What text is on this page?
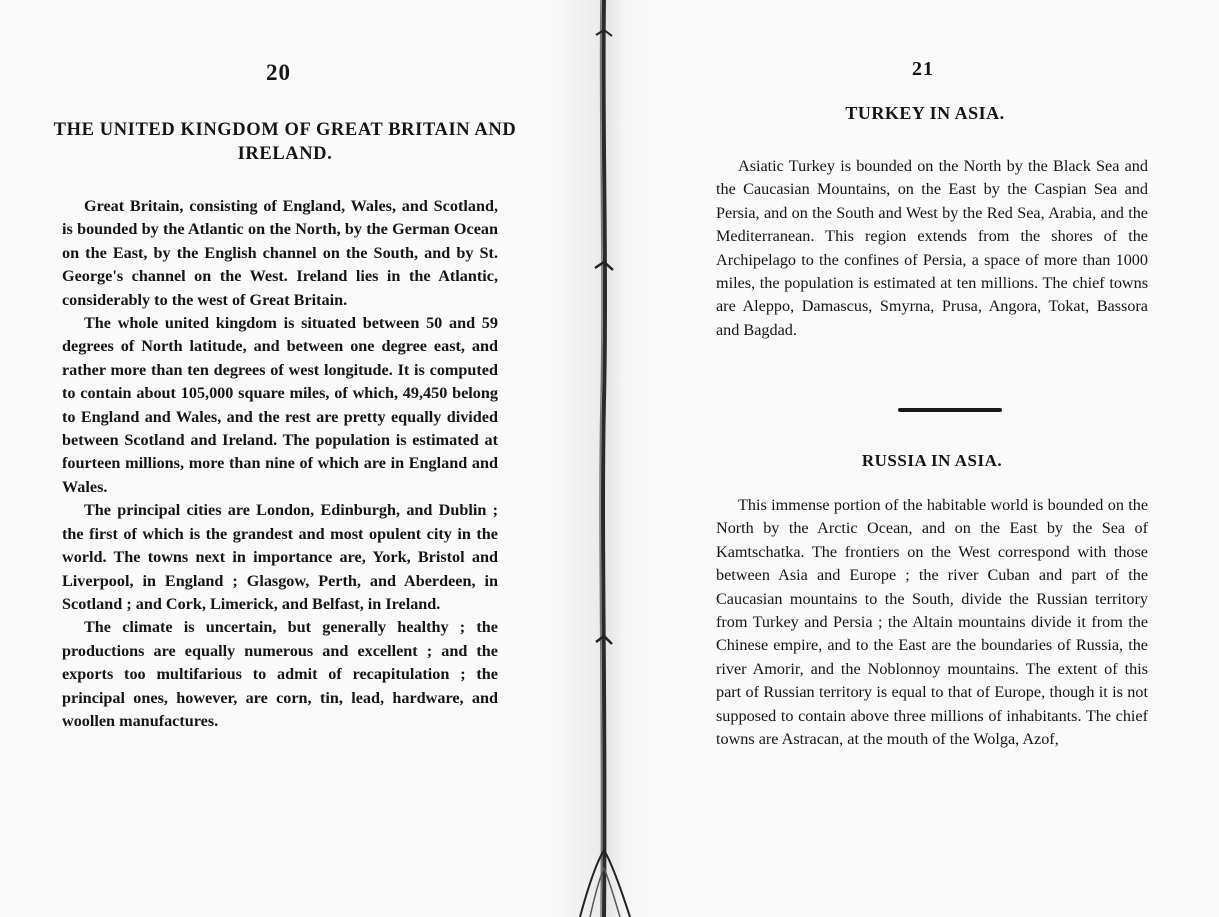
20
THE UNITED KINGDOM OF GREAT BRITAIN AND IRELAND.

Great Britain, consisting of England, Wales, and Scotland, is bounded by the Atlantic on the North, by the German Ocean on the East, by the English channel on the South, and by St. George's channel on the West. Ireland lies in the Atlantic, considerably to the west of Great Britain.

The whole united kingdom is situated between 50 and 59 degrees of North latitude, and between one degree east, and rather more than ten degrees of west longitude. It is computed to contain about 105,000 square miles, of which, 49,450 belong to England and Wales, and the rest are pretty equally divided between Scotland and Ireland. The population is estimated at fourteen millions, more than nine of which are in England and Wales.

The principal cities are London, Edinburgh, and Dublin ; the first of which is the grandest and most opulent city in the world. The towns next in importance are, York, Bristol and Liverpool, in England ; Glasgow, Perth, and Aberdeen, in Scotland ; and Cork, Limerick, and Belfast, in Ireland.

The climate is uncertain, but generally healthy ; the productions are equally numerous and excellent ; and the exports too multifarious to admit of recapitulation ; the principal ones, however, are corn, tin, lead, hardware, and woollen manufactures.

21
TURKEY IN ASIA.

Asiatic Turkey is bounded on the North by the Black Sea and the Caucasian Mountains, on the East by the Caspian Sea and Persia, and on the South and West by the Red Sea, Arabia, and the Mediterranean. This region extends from the shores of the Archipelago to the confines of Persia, a space of more than 1000 miles, the population is estimated at ten millions. The chief towns are Aleppo, Damascus, Smyrna, Prusa, Angora, Tokat, Bassora and Bagdad.

RUSSIA IN ASIA.

This immense portion of the habitable world is bounded on the North by the Arctic Ocean, and on the East by the Sea of Kamtschatka. The frontiers on the West correspond with those between Asia and Europe ; the river Cuban and part of the Caucasian mountains to the South, divide the Russian territory from Turkey and Persia ; the Altain mountains divide it from the Chinese empire, and to the East are the boundaries of Russia, the river Amorir, and the Noblonnoy mountains. The extent of this part of Russian territory is equal to that of Europe, though it is not supposed to contain above three millions of inhabitants. The chief towns are Astracan, at the mouth of the Wolga, Azof,
